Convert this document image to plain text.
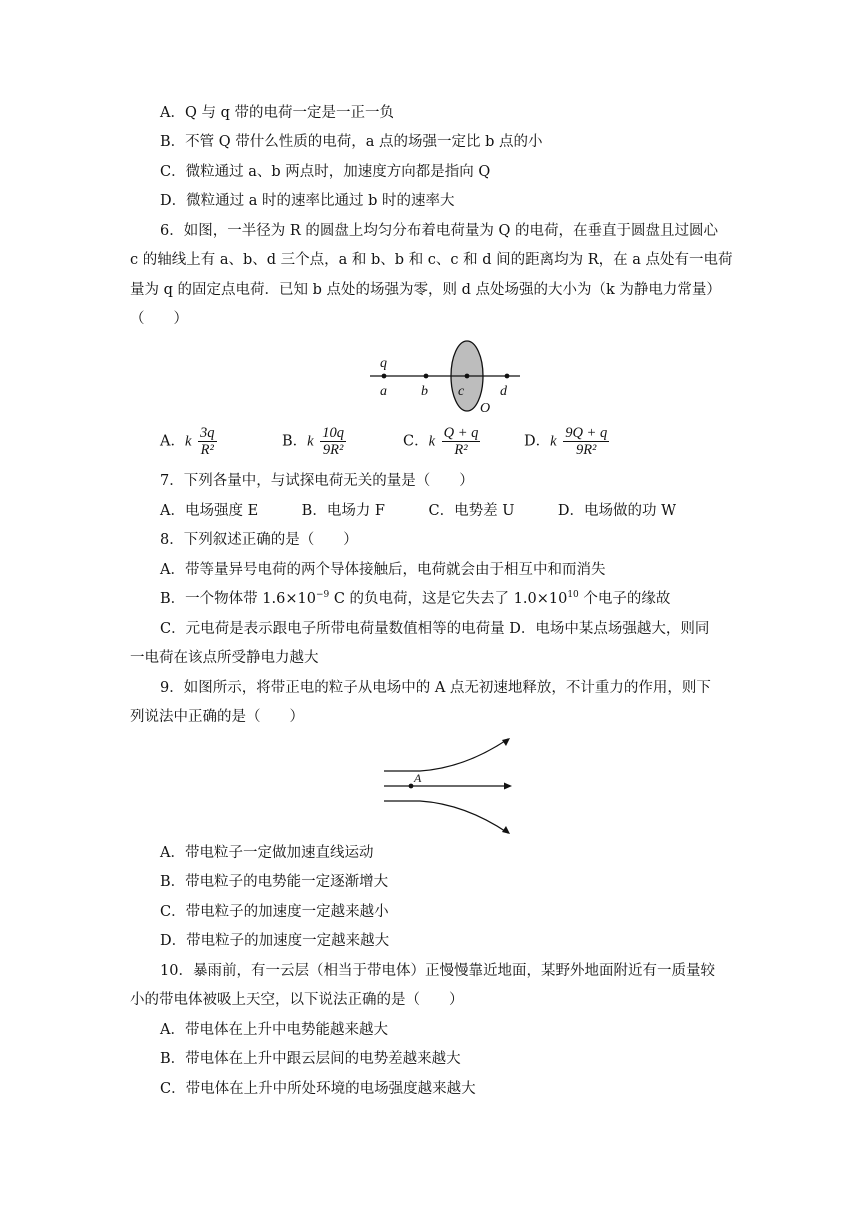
A．Q 与 q 带的电荷一定是一正一负
B．不管 Q 带什么性质的电荷，a 点的场强一定比 b 点的小
C．微粒通过 a、b 两点时，加速度方向都是指向 Q
D．微粒通过 a 时的速率比通过 b 时的速率大
6．如图，一半径为 R 的圆盘上均匀分布着电荷量为 Q 的电荷，在垂直于圆盘且过圆心
c 的轴线上有 a、b、d 三个点，a 和 b、b 和 c、c 和 d 间的距离均为 R，在 a 点处有一电荷
量为 q 的固定点电荷．已知 b 点处的场强为零，则 d 点处场强的大小为（k 为静电力常量）
（　　）
q
a b c	d
O
A
A．k $\frac{3q}{\text{R²}}$	B．k $\frac{10q}{\text{9R²}}$	C．k $\frac{Q + q}{\text{R²}}$	D．k $\frac{9Q + q}{\text{9R²}}$
7．下列各量中，与试探电荷无关的量是（　　）
A．电场强度 E　　　B．电场力 F　　　C．电势差 U　　　D．电场做的功 W
8．下列叙述正确的是（　　）
A．带等量异号电荷的两个导体接触后，电荷就会由于相互中和而消失
B．一个物体带 $1.6\times 10^{-9}$ C 的负电荷，这是它失去了 $1.0\times 10^{10}$ 个电子的缘故
C．元电荷是表示跟电子所带电荷量数值相等的电荷量 D．电场中某点场强越大，则同
一电荷在该点所受静电力越大
9．如图所示，将带正电的粒子从电场中的 A 点无初速地释放，不计重力的作用，则下
列说法中正确的是（　　）
A．带电粒子一定做加速直线运动
B．带电粒子的电势能一定逐渐增大
C．带电粒子的加速度一定越来越小
D．带电粒子的加速度一定越来越大
10．暴雨前，有一云层（相当于带电体）正慢慢靠近地面，某野外地面附近有一质量较
小的带电体被吸上天空，以下说法正确的是（　　）
A．带电体在上升中电势能越来越大
B．带电体在上升中跟云层间的电势差越来越大
C．带电体在上升中所处环境的电场强度越来越大
